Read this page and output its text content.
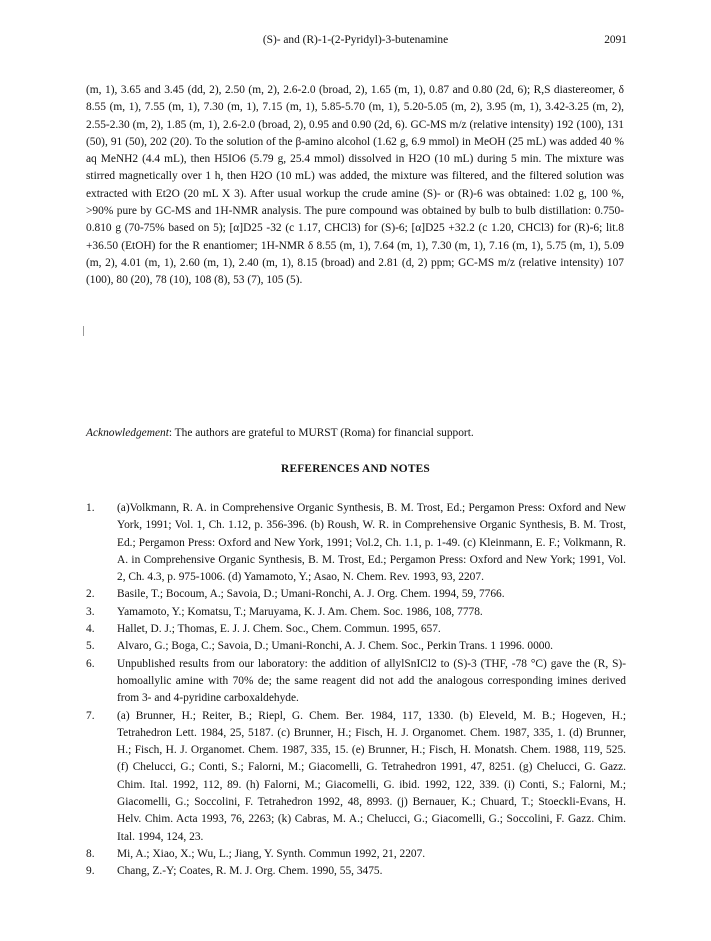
(S)- and (R)-1-(2-Pyridyl)-3-butenamine	2091
(m, 1), 3.65 and 3.45 (dd, 2), 2.50 (m, 2), 2.6-2.0 (broad, 2), 1.65 (m, 1), 0.87 and 0.80 (2d, 6); R,S diastereomer, δ 8.55 (m, 1), 7.55 (m, 1), 7.30 (m, 1), 7.15 (m, 1), 5.85-5.70 (m, 1), 5.20-5.05 (m, 2), 3.95 (m, 1), 3.42-3.25 (m, 2), 2.55-2.30 (m, 2), 1.85 (m, 1), 2.6-2.0 (broad, 2), 0.95 and 0.90 (2d, 6). GC-MS m/z (relative intensity) 192 (100), 131 (50), 91 (50), 202 (20). To the solution of the β-amino alcohol (1.62 g, 6.9 mmol) in MeOH (25 mL) was added 40 % aq MeNH2 (4.4 mL), then H5IO6 (5.79 g, 25.4 mmol) dissolved in H2O (10 mL) during 5 min. The mixture was stirred magnetically over 1 h, then H2O (10 mL) was added, the mixture was filtered, and the filtered solution was extracted with Et2O (20 mL X 3). After usual workup the crude amine (S)- or (R)-6 was obtained: 1.02 g, 100 %, >90% pure by GC-MS and 1H-NMR analysis. The pure compound was obtained by bulb to bulb distillation: 0.750-0.810 g (70-75% based on 5); [α]D25 -32 (c 1.17, CHCl3) for (S)-6; [α]D25 +32.2 (c 1.20, CHCl3) for (R)-6; lit.8 +36.50 (EtOH) for the R enantiomer; 1H-NMR δ 8.55 (m, 1), 7.64 (m, 1), 7.30 (m, 1), 7.16 (m, 1), 5.75 (m, 1), 5.09 (m, 2), 4.01 (m, 1), 2.60 (m, 1), 2.40 (m, 1), 8.15 (broad) and 2.81 (d, 2) ppm; GC-MS m/z (relative intensity) 107 (100), 80 (20), 78 (10), 108 (8), 53 (7), 105 (5).
Acknowledgement: The authors are grateful to MURST (Roma) for financial support.
REFERENCES AND NOTES
1.	(a)Volkmann, R. A. in Comprehensive Organic Synthesis, B. M. Trost, Ed.; Pergamon Press: Oxford and New York, 1991; Vol. 1, Ch. 1.12, p. 356-396. (b) Roush, W. R. in Comprehensive Organic Synthesis, B. M. Trost, Ed.; Pergamon Press: Oxford and New York, 1991; Vol.2, Ch. 1.1, p. 1-49. (c) Kleinmann, E. F.; Volkmann, R. A. in Comprehensive Organic Synthesis, B. M. Trost, Ed.; Pergamon Press: Oxford and New York; 1991, Vol. 2, Ch. 4.3, p. 975-1006. (d) Yamamoto, Y.; Asao, N. Chem. Rev. 1993, 93, 2207.
2.	Basile, T.; Bocoum, A.; Savoia, D.; Umani-Ronchi, A. J. Org. Chem. 1994, 59, 7766.
3.	Yamamoto, Y.; Komatsu, T.; Maruyama, K. J. Am. Chem. Soc. 1986, 108, 7778.
4.	Hallet, D. J.; Thomas, E. J. J. Chem. Soc., Chem. Commun. 1995, 657.
5.	Alvaro, G.; Boga, C.; Savoia, D.; Umani-Ronchi, A. J. Chem. Soc., Perkin Trans. 1 1996. 0000.
6.	Unpublished results from our laboratory: the addition of allylSnICl2 to (S)-3 (THF, -78 °C) gave the (R, S)-homoallylic amine with 70% de; the same reagent did not add the analogous corresponding imines derived from 3- and 4-pyridine carboxaldehyde.
7.	(a) Brunner, H.; Reiter, B.; Riepl, G. Chem. Ber. 1984, 117, 1330. (b) Eleveld, M. B.; Hogeven, H.; Tetrahedron Lett. 1984, 25, 5187. (c) Brunner, H.; Fisch, H. J. Organomet. Chem. 1987, 335, 1. (d) Brunner, H.; Fisch, H. J. Organomet. Chem. 1987, 335, 15. (e) Brunner, H.; Fisch, H. Monatsh. Chem. 1988, 119, 525. (f) Chelucci, G.; Conti, S.; Falorni, M.; Giacomelli, G. Tetrahedron 1991, 47, 8251. (g) Chelucci, G. Gazz. Chim. Ital. 1992, 112, 89. (h) Falorni, M.; Giacomelli, G. ibid. 1992, 122, 339. (i) Conti, S.; Falorni, M.; Giacomelli, G.; Soccolini, F. Tetrahedron 1992, 48, 8993. (j) Bernauer, K.; Chuard, T.; Stoeckli-Evans, H. Helv. Chim. Acta 1993, 76, 2263; (k) Cabras, M. A.; Chelucci, G.; Giacomelli, G.; Soccolini, F. Gazz. Chim. Ital. 1994, 124, 23.
8.	Mi, A.; Xiao, X.; Wu, L.; Jiang, Y. Synth. Commun 1992, 21, 2207.
9.	Chang, Z.-Y; Coates, R. M. J. Org. Chem. 1990, 55, 3475.
